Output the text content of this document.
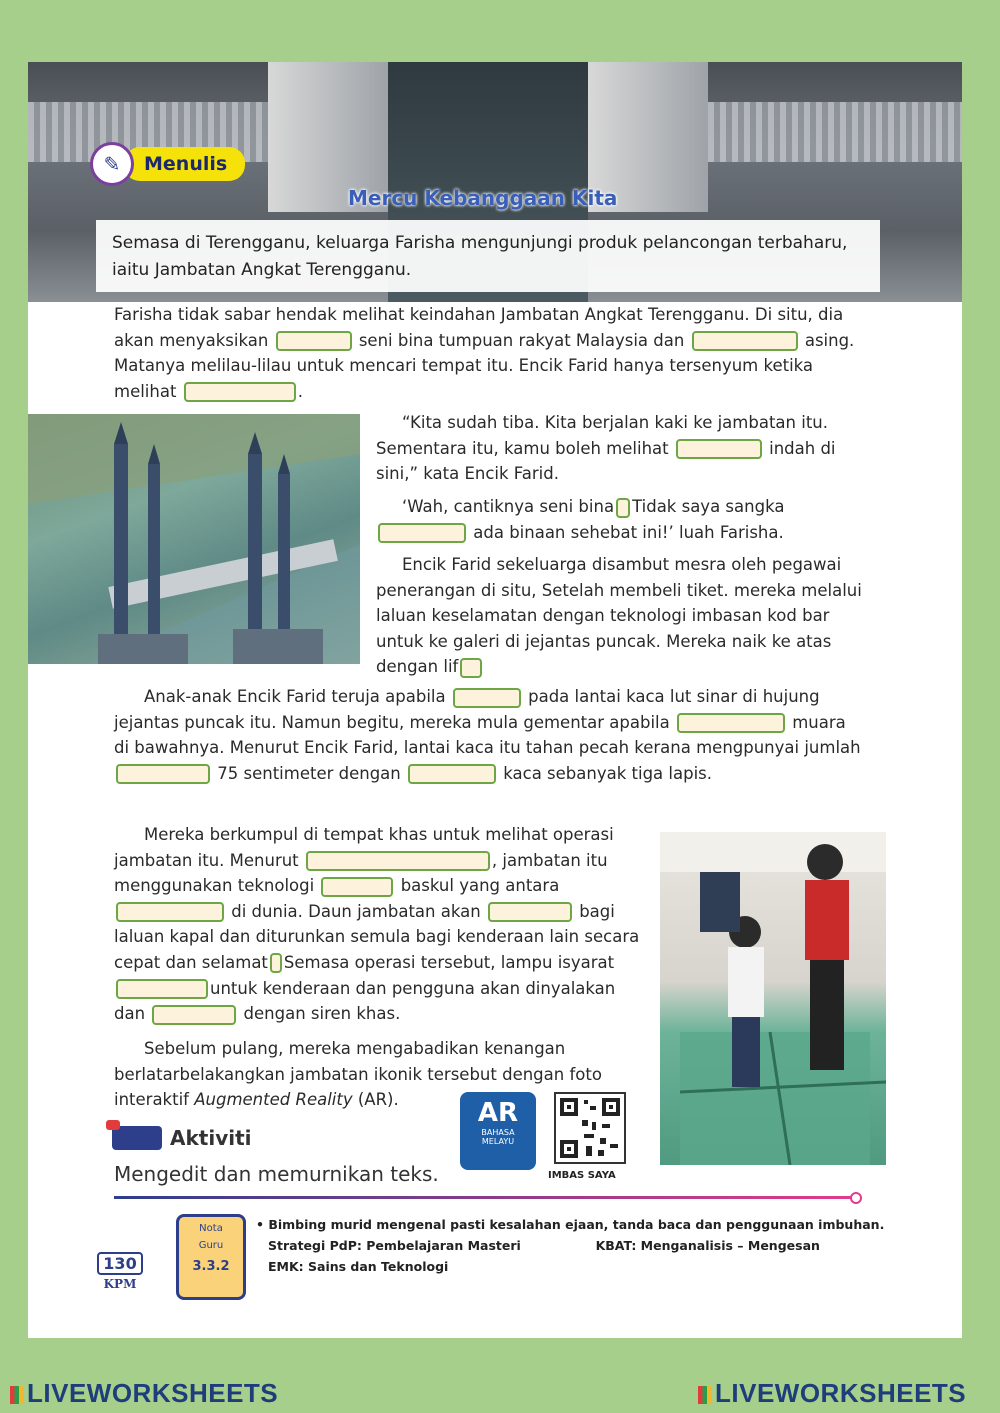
✎	Menulis
Mercu Kebanggaan Kita
Semasa di Terengganu, keluarga Farisha mengunjungi produk pelancongan terbaharu, iaitu Jambatan Angkat Terengganu.
Farisha tidak sabar hendak melihat keindahan Jambatan Angkat Terengganu. Di situ, dia akan menyaksikan	seni bina tumpuan rakyat Malaysia dan	asing. Matanya melilau-lilau untuk mencari tempat itu. Encik Farid hanya tersenyum ketika melihat	.
“Kita sudah tiba. Kita berjalan kaki ke jambatan itu. Sementara itu, kamu boleh melihat	indah di sini,” kata Encik Farid.
‘Wah, cantiknya seni bina Tidak saya sangka  ada binaan sehebat ini!’ luah Farisha.
Encik Farid sekeluarga disambut mesra oleh pegawai penerangan di situ, Setelah membeli tiket. mereka melalui laluan keselamatan dengan teknologi imbasan kod bar untuk ke galeri di jejantas puncak. Mereka naik ke atas dengan lif
Anak-anak Encik Farid teruja apabila	pada lantai kaca lut sinar di hujung jejantas puncak itu. Namun begitu, mereka mula gementar apabila	muara di bawahnya. Menurut Encik Farid, lantai kaca itu tahan pecah kerana mengpunyai jumlah  75 sentimeter dengan	kaca sebanyak tiga lapis.
Mereka berkumpul di tempat khas untuk melihat operasi jambatan itu. Menurut	, jambatan itu menggunakan teknologi	baskul yang antara  di dunia. Daun jambatan akan	bagi laluan kapal dan diturunkan semula bagi kenderaan lain secara cepat dan selamat Semasa operasi tersebut, lampu isyarat untuk kenderaan dan pengguna akan dinyalakan dan	dengan siren khas.
Sebelum pulang, mereka mengabadikan kenangan berlatarbelakangkan jambatan ikonik tersebut dengan foto interaktif Augmented Reality (AR).	AR
BAHASA
MELAYU
IMBAS SAYA
Aktiviti
Mengedit dan memurnikan teks.
Nota
Guru
3.3.2
• Bimbing murid mengenal pasti kesalahan ejaan, tanda baca dan penggunaan imbuhan.
Strategi PdP: Pembelajaran Masteri	KBAT: Menganalisis – Mengesan
EMK: Sains dan Teknologi
130
KPM
LIVEWORKSHEETS	LIVEWORKSHEETS
